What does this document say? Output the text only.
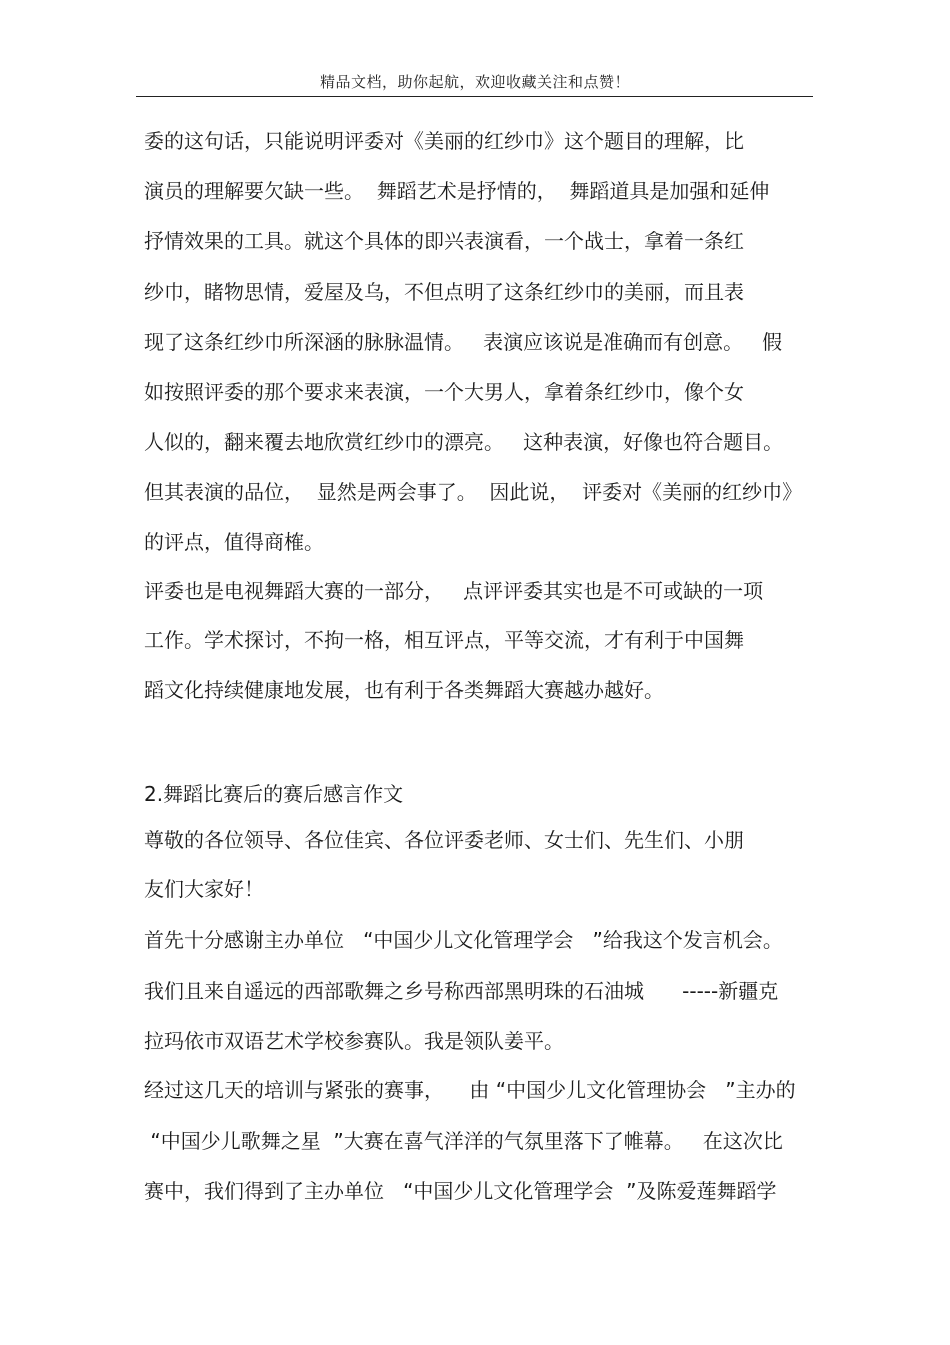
精品文档，助你起航，欢迎收藏关注和点赞！
委的这句话，只能说明评委对《美丽的红纱巾》这个题目的理解，比
演员的理解要欠缺一些。  舞蹈艺术是抒情的，  舞蹈道具是加强和延伸
抒情效果的工具。就这个具体的即兴表演看，一个战士，拿着一条红
纱巾，睹物思情，爱屋及乌，不但点明了这条红纱巾的美丽，而且表
现了这条红纱巾所深涵的脉脉温情。   表演应该说是准确而有创意。   假
如按照评委的那个要求来表演，一个大男人，拿着条红纱巾，像个女
人似的，翻来覆去地欣赏红纱巾的漂亮。   这种表演，好像也符合题目。
但其表演的品位，  显然是两会事了。  因此说，  评委对《美丽的红纱巾》
的评点，值得商榷。
评委也是电视舞蹈大赛的一部分，   点评评委其实也是不可或缺的一项
工作。学术探讨，不拘一格，相互评点，平等交流，才有利于中国舞
蹈文化持续健康地发展，也有利于各类舞蹈大赛越办越好。
2.舞蹈比赛后的赛后感言作文
尊敬的各位领导、各位佳宾、各位评委老师、女士们、先生们、小朋
友们大家好！
首先十分感谢主办单位   “中国少儿文化管理学会   ”给我这个发言机会。
我们且来自遥远的西部歌舞之乡号称西部黑明珠的石油城      -----新疆克
拉玛依市双语艺术学校参赛队。我是领队姜平。
经过这几天的培训与紧张的赛事，    由 “中国少儿文化管理协会   ”主办的
“中国少儿歌舞之星  ”大赛在喜气洋洋的气氛里落下了帷幕。   在这次比
赛中，我们得到了主办单位   “中国少儿文化管理学会  ”及陈爱莲舞蹈学
